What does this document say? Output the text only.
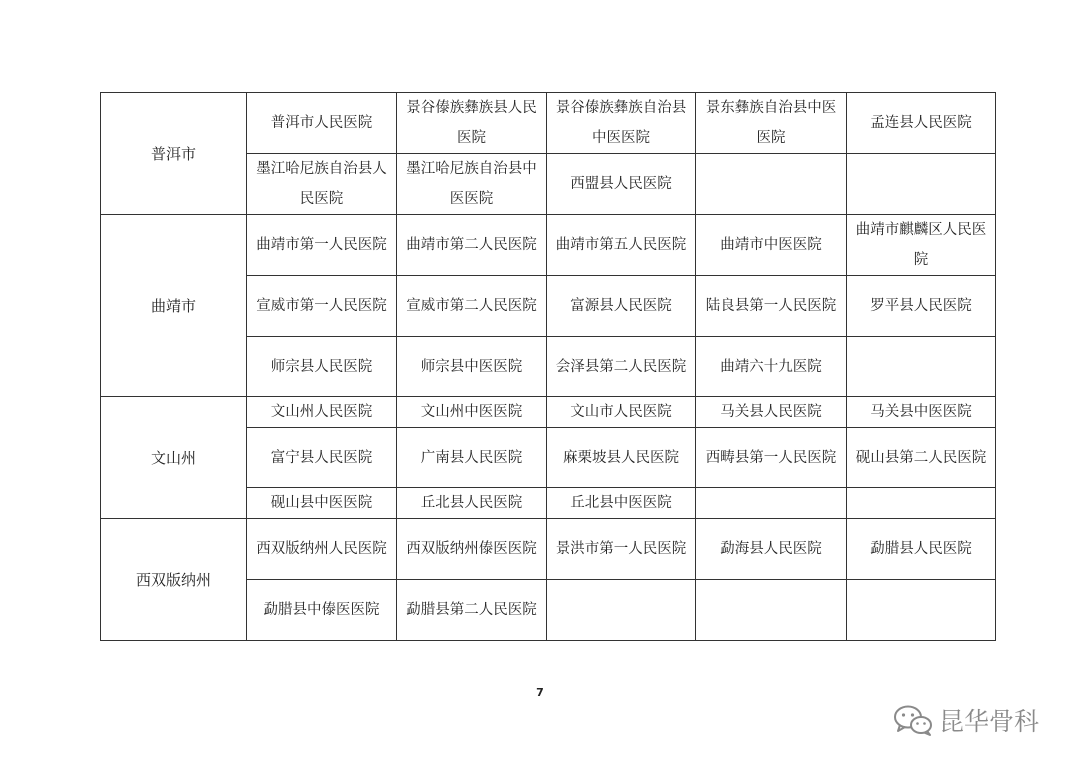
普洱市	普洱市人民医院	景谷傣族彝族县人民医院	景谷傣族彝族自治县中医医院	景东彝族自治县中医医院	孟连县人民医院
	墨江哈尼族自治县人民医院	墨江哈尼族自治县中医医院	西盟县人民医院		
曲靖市	曲靖市第一人民医院	曲靖市第二人民医院	曲靖市第五人民医院	曲靖市中医医院	曲靖市麒麟区人民医院
	宣威市第一人民医院	宣威市第二人民医院	富源县人民医院	陆良县第一人民医院	罗平县人民医院
	师宗县人民医院	师宗县中医医院	会泽县第二人民医院	曲靖六十九医院	
文山州	文山州人民医院	文山州中医医院	文山市人民医院	马关县人民医院	马关县中医医院
	富宁县人民医院	广南县人民医院	麻栗坡县人民医院	西畴县第一人民医院	砚山县第二人民医院
	砚山县中医医院	丘北县人民医院	丘北县中医医院		
西双版纳州	西双版纳州人民医院	西双版纳州傣医医院	景洪市第一人民医院	勐海县人民医院	勐腊县人民医院
	勐腊县中傣医医院	勐腊县第二人民医院			
7
昆华骨科
